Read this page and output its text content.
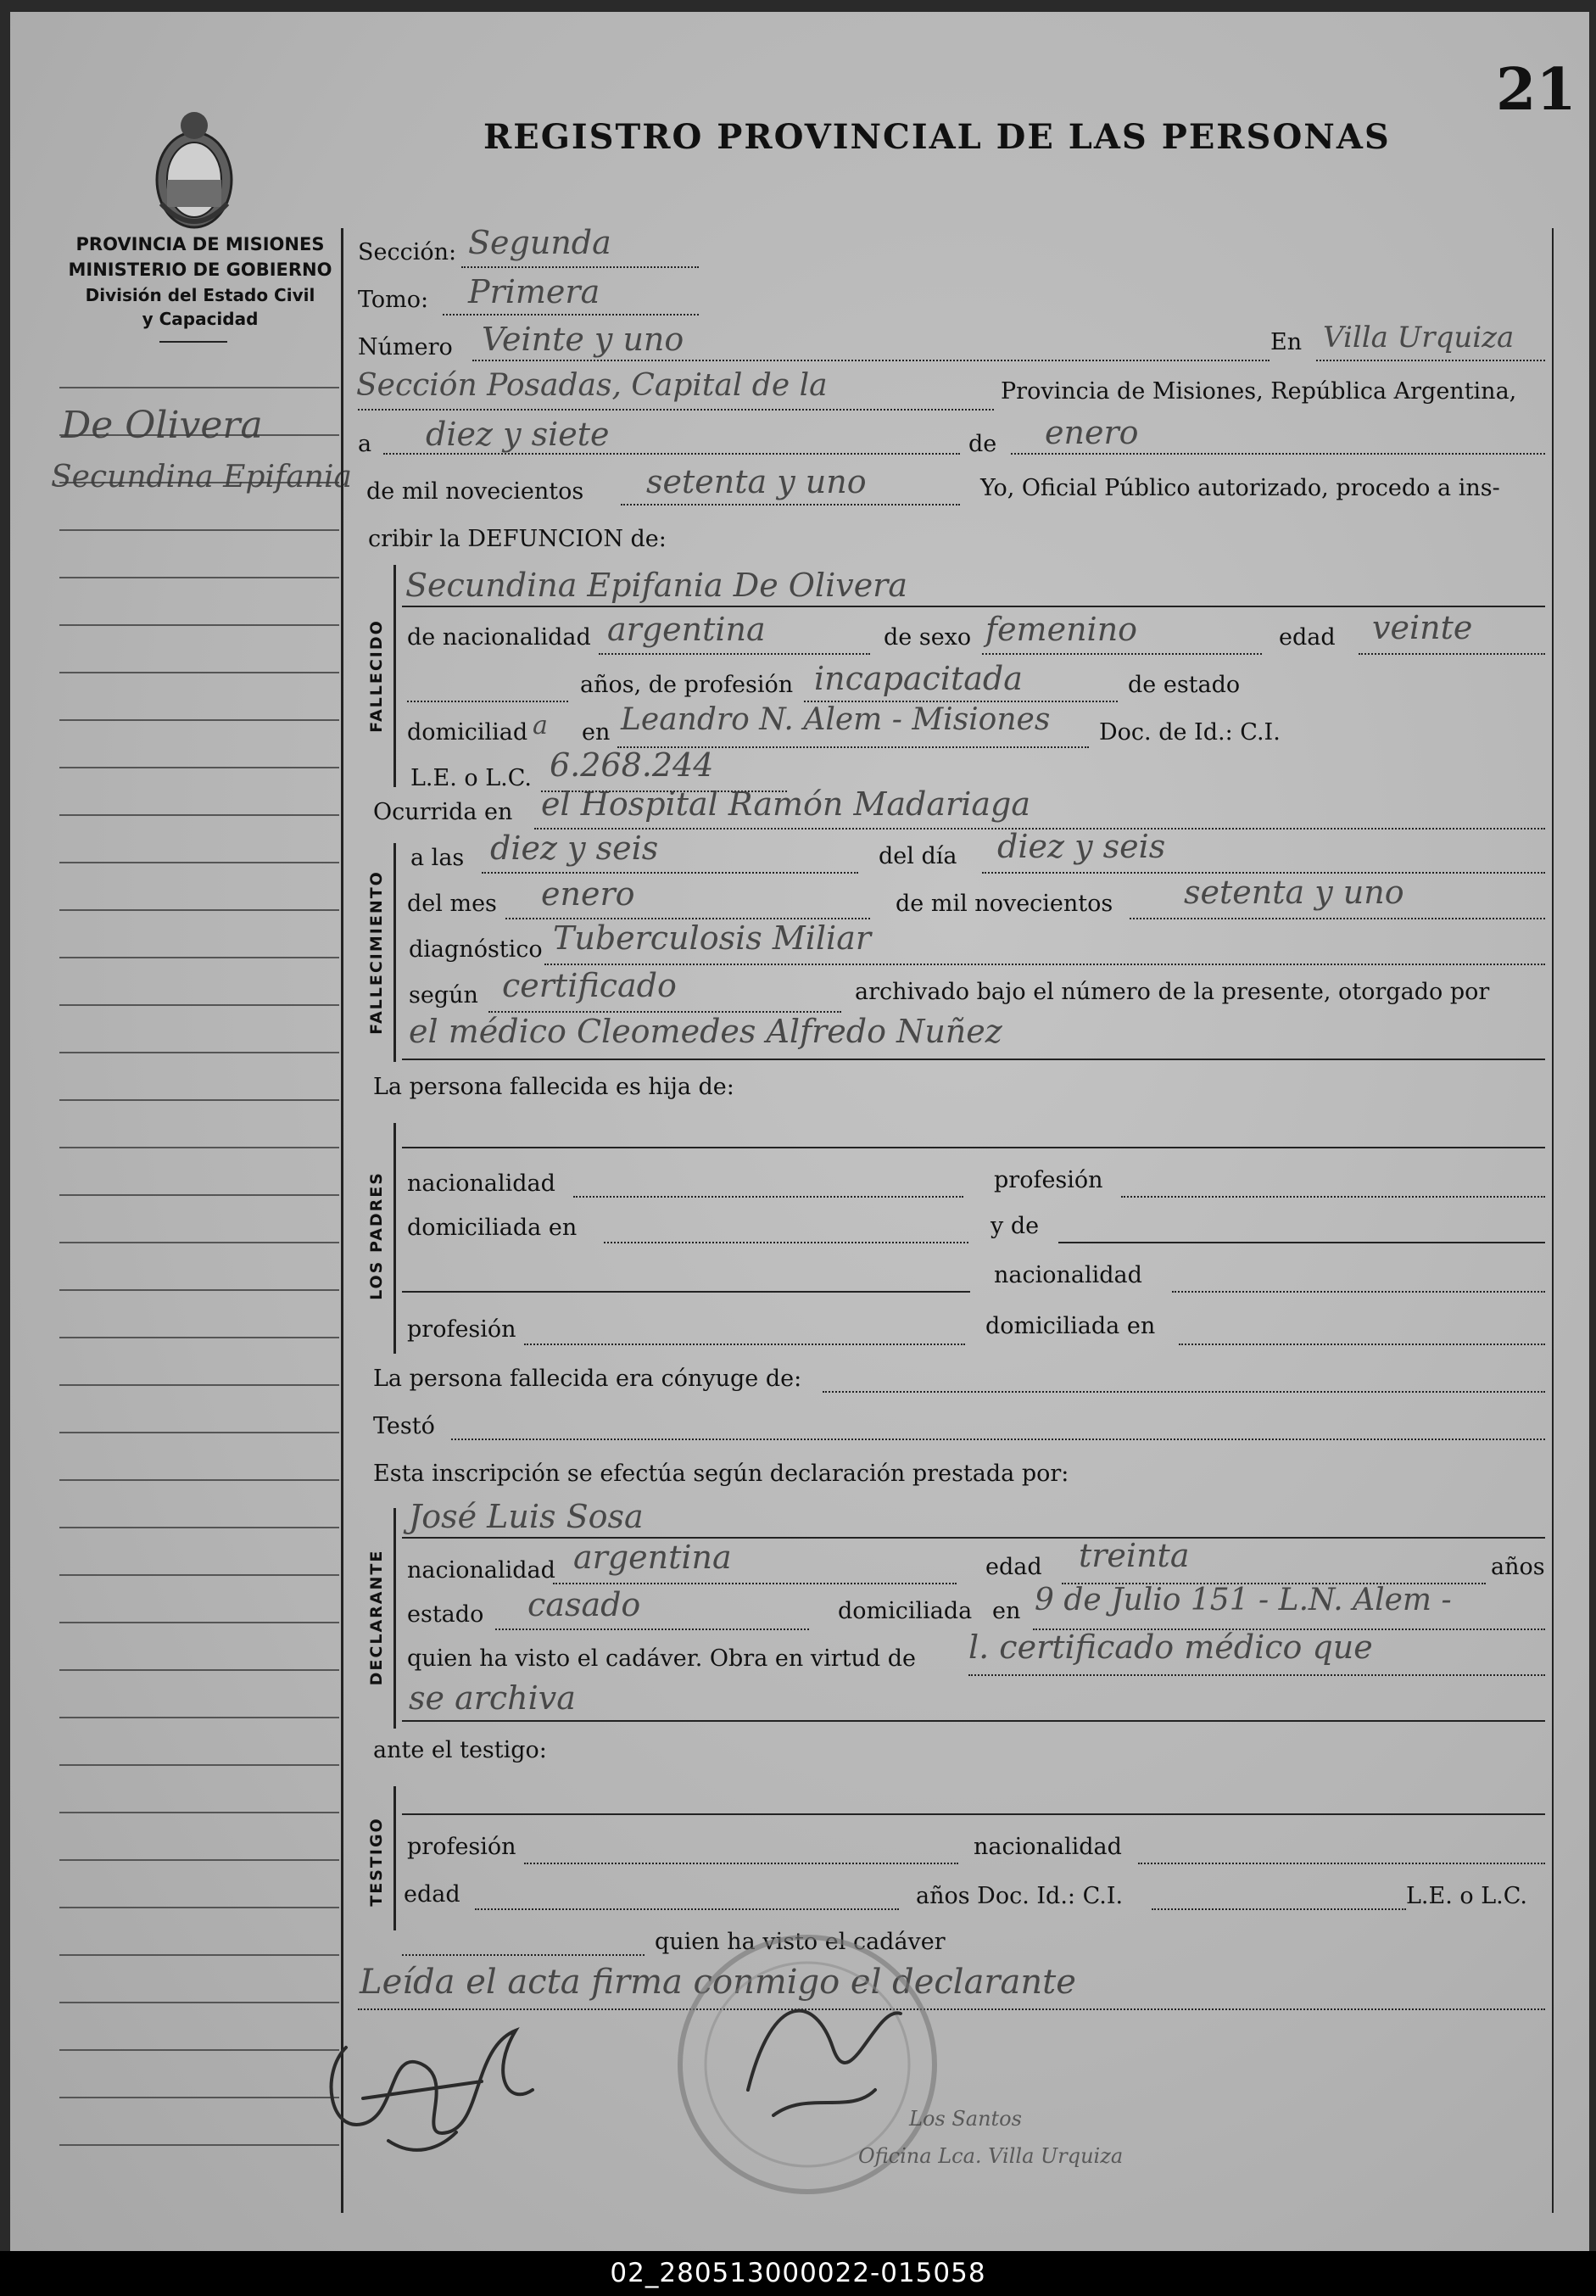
21
REGISTRO PROVINCIAL DE LAS PERSONAS
PROVINCIA DE MISIONES
MINISTERIO DE GOBIERNO
División del Estado Civil
y Capacidad
De Olivera
Secundina Epifania
Sección: Segunda
Tomo: Primera
Número Veinte y uno	En Villa Urquiza
Sección Posadas, Capital de la	Provincia de Misiones, República Argentina,
a diez y siete	de enero
de mil novecientos setenta y uno	Yo, Oficial Público autorizado, procedo a ins-
cribir la DEFUNCION de:
FALLECIDO
Secundina Epifania De Olivera
de nacionalidad argentina	de sexo femenino	edad veinte
años, de profesión incapacitada	de estado
domiciliad a en Leandro N. Alem - Misiones Doc. de Id.: C.I.
L.E. o L.C. 6.268.244
Ocurrida en el Hospital Ramón Madariaga
FALLECIMIENTO
a las diez y seis	del día diez y seis
del mes enero	de mil novecientos setenta y uno
diagnóstico Tuberculosis Miliar
según certificado	archivado bajo el número de la presente, otorgado por
el médico Cleomedes Alfredo Nuñez
La persona fallecida es hija de:
LOS PADRES nacionalidad	profesión
domiciliada en	y de
nacionalidad
profesión	domiciliada en
La persona fallecida era cónyuge de:
Testó
Esta inscripción se efectúa según declaración prestada por:
DECLARANTE
José Luis Sosa
nacionalidad argentina	edad treinta	años
estado casado	domiciliada en 9 de Julio 151 - L.N. Alem -
quien ha visto el cadáver. Obra en virtud de l. certificado médico que
se archiva
ante el testigo:
TESTIGO profesión	nacionalidad
edad	años Doc. Id.: C.I.	L.E. o L.C.
quien ha visto el cadáver
Leída el acta firma conmigo el declarante
Los Santos
Oficina Lca. Villa Urquiza
02_280513000022-015058
